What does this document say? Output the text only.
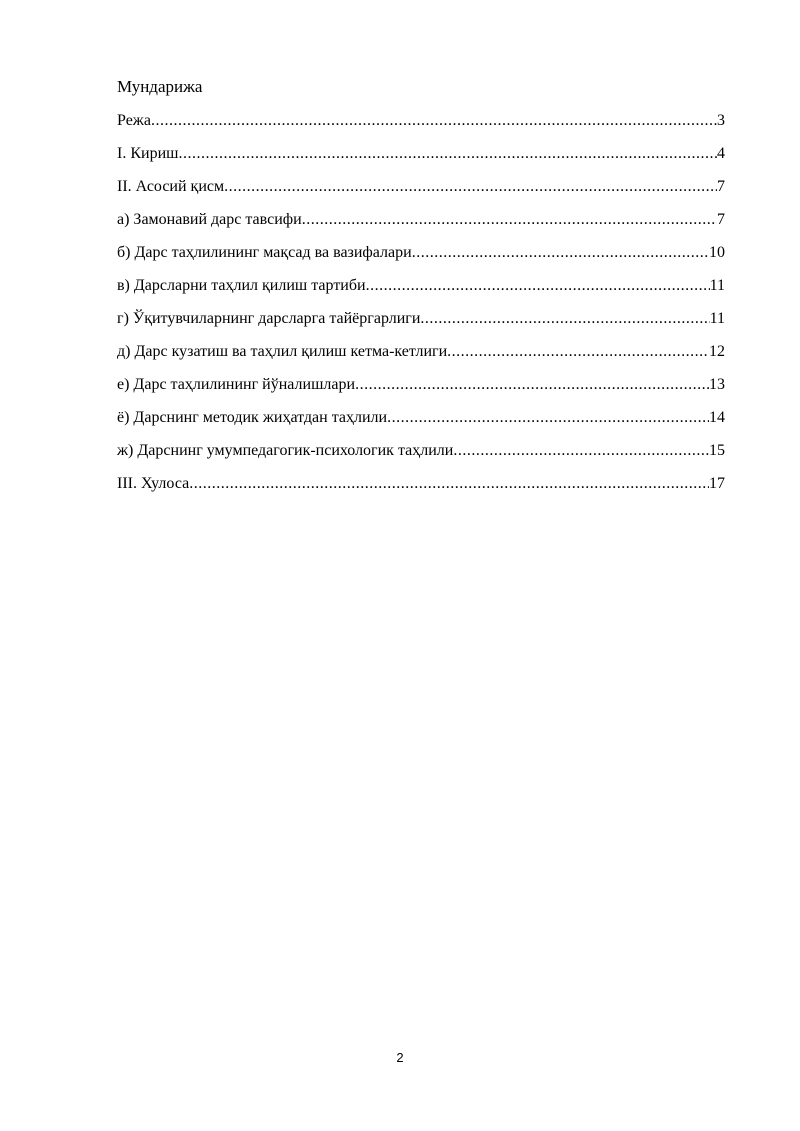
Мундарижа
Режа .....	3
I. Кириш .....	4
II. Асосий қисм .....	7
а) Замонавий дарс тавсифи .....	7
б) Дарс таҳлилининг мақсад ва вазифалари .....	10
в) Дарсларни таҳлил қилиш тартиби .....	11
г) Ўқитувчиларнинг дарсларга тайёргарлиги .....	11
д) Дарс кузатиш ва таҳлил қилиш кетма-кетлиги .....	12
е) Дарс таҳлилининг йўналишлари .....	13
ё) Дарснинг методик жиҳатдан таҳлили .....	14
ж) Дарснинг умумпедагогик-психологик таҳлили .....	15
III. Хулоса .....	17
2
